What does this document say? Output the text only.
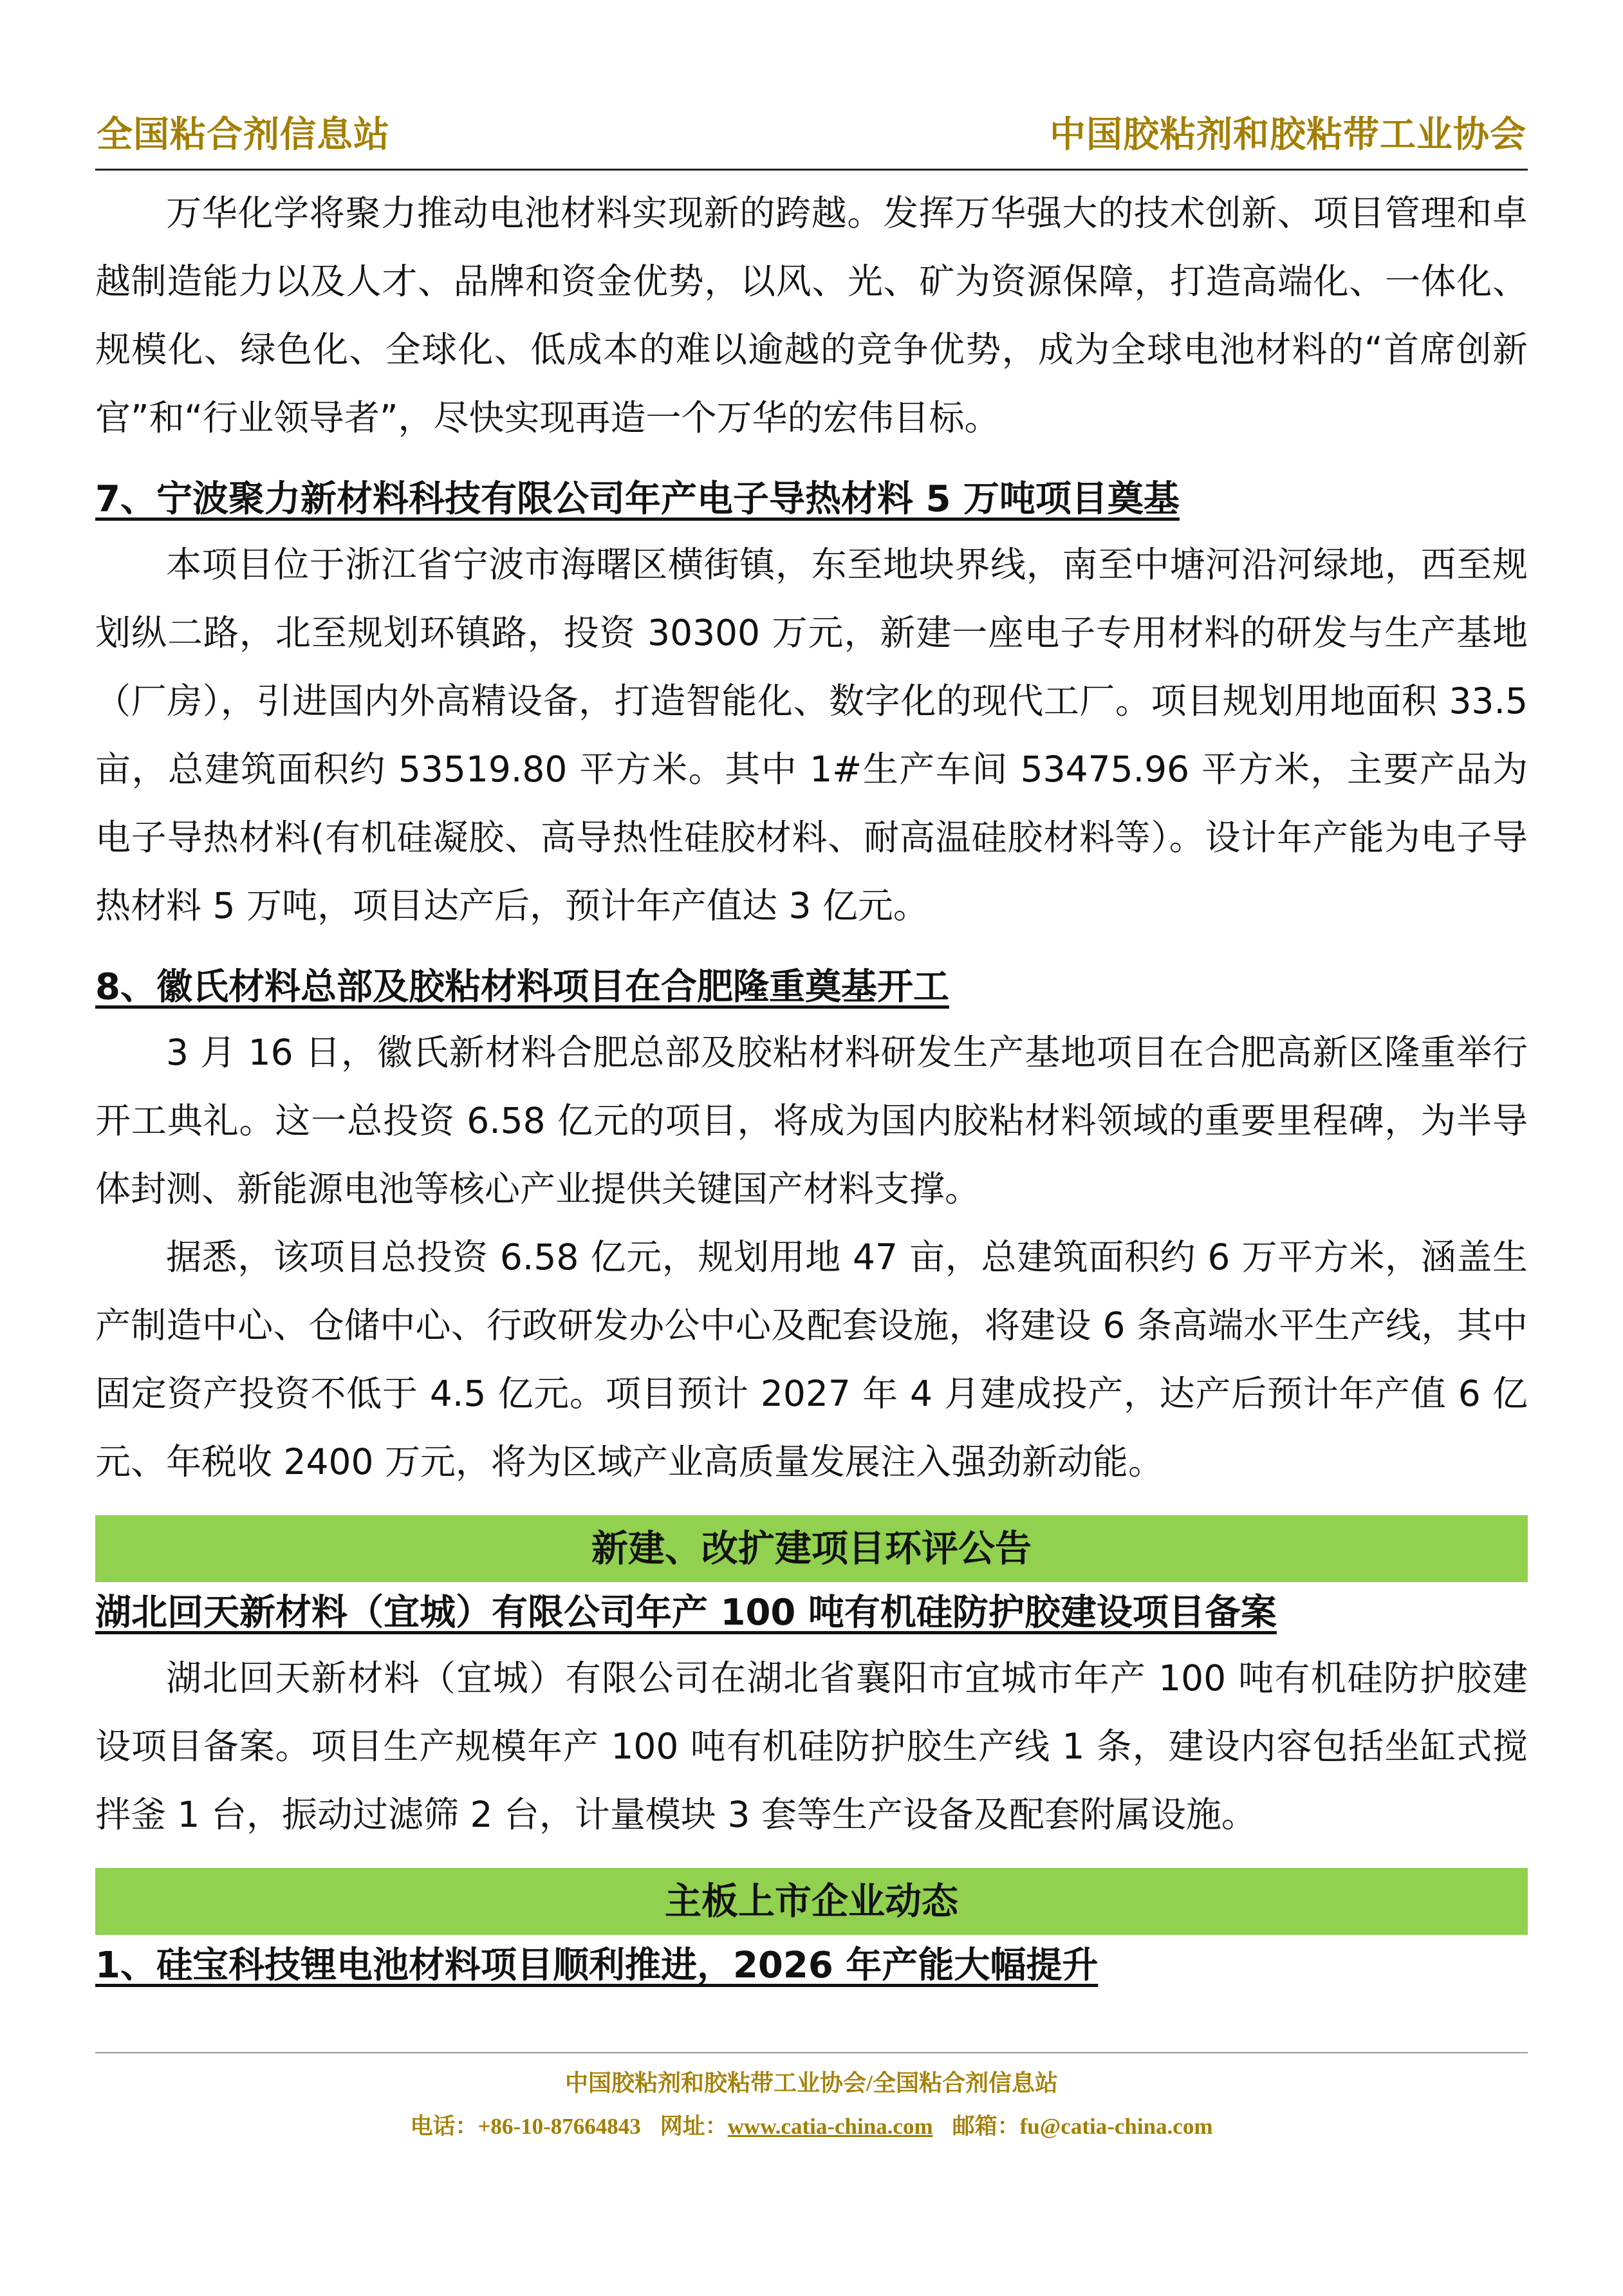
全国粘合剂信息站	中国胶粘剂和胶粘带工业协会

万华化学将聚力推动电池材料实现新的跨越。发挥万华强大的技术创新、项目管理和卓越制造能力以及人才、品牌和资金优势，以风、光、矿为资源保障，打造高端化、一体化、规模化、绿色化、全球化、低成本的难以逾越的竞争优势，成为全球电池材料的“首席创新官”和“行业领导者”，尽快实现再造一个万华的宏伟目标。

7、宁波聚力新材料科技有限公司年产电子导热材料 5 万吨项目奠基

本项目位于浙江省宁波市海曙区横街镇，东至地块界线，南至中塘河沿河绿地，西至规划纵二路，北至规划环镇路，投资 30300 万元，新建一座电子专用材料的研发与生产基地（厂房），引进国内外高精设备，打造智能化、数字化的现代工厂。项目规划用地面积 33.5 亩，总建筑面积约 53519.80 平方米。其中 1#生产车间 53475.96 平方米，主要产品为电子导热材料(有机硅凝胶、高导热性硅胶材料、耐高温硅胶材料等）。设计年产能为电子导热材料 5 万吨，项目达产后，预计年产值达 3 亿元。

8、徽氏材料总部及胶粘材料项目在合肥隆重奠基开工

3 月 16 日，徽氏新材料合肥总部及胶粘材料研发生产基地项目在合肥高新区隆重举行开工典礼。这一总投资 6.58 亿元的项目，将成为国内胶粘材料领域的重要里程碑，为半导体封测、新能源电池等核心产业提供关键国产材料支撑。

据悉，该项目总投资 6.58 亿元，规划用地 47 亩，总建筑面积约 6 万平方米，涵盖生产制造中心、仓储中心、行政研发办公中心及配套设施，将建设 6 条高端水平生产线，其中固定资产投资不低于 4.5 亿元。项目预计 2027 年 4 月建成投产，达产后预计年产值 6 亿元、年税收 2400 万元，将为区域产业高质量发展注入强劲新动能。

新建、改扩建项目环评公告
湖北回天新材料（宜城）有限公司年产 100 吨有机硅防护胶建设项目备案

湖北回天新材料（宜城）有限公司在湖北省襄阳市宜城市年产 100 吨有机硅防护胶建设项目备案。项目生产规模年产 100 吨有机硅防护胶生产线 1 条，建设内容包括坐缸式搅拌釜 1 台，振动过滤筛 2 台，计量模块 3 套等生产设备及配套附属设施。

主板上市企业动态
1、硅宝科技锂电池材料项目顺利推进，2026 年产能大幅提升
中国胶粘剂和胶粘带工业协会/全国粘合剂信息站
电话：+86-10-87664843 网址：www.catia-china.com 邮箱：fu@catia-china.com
